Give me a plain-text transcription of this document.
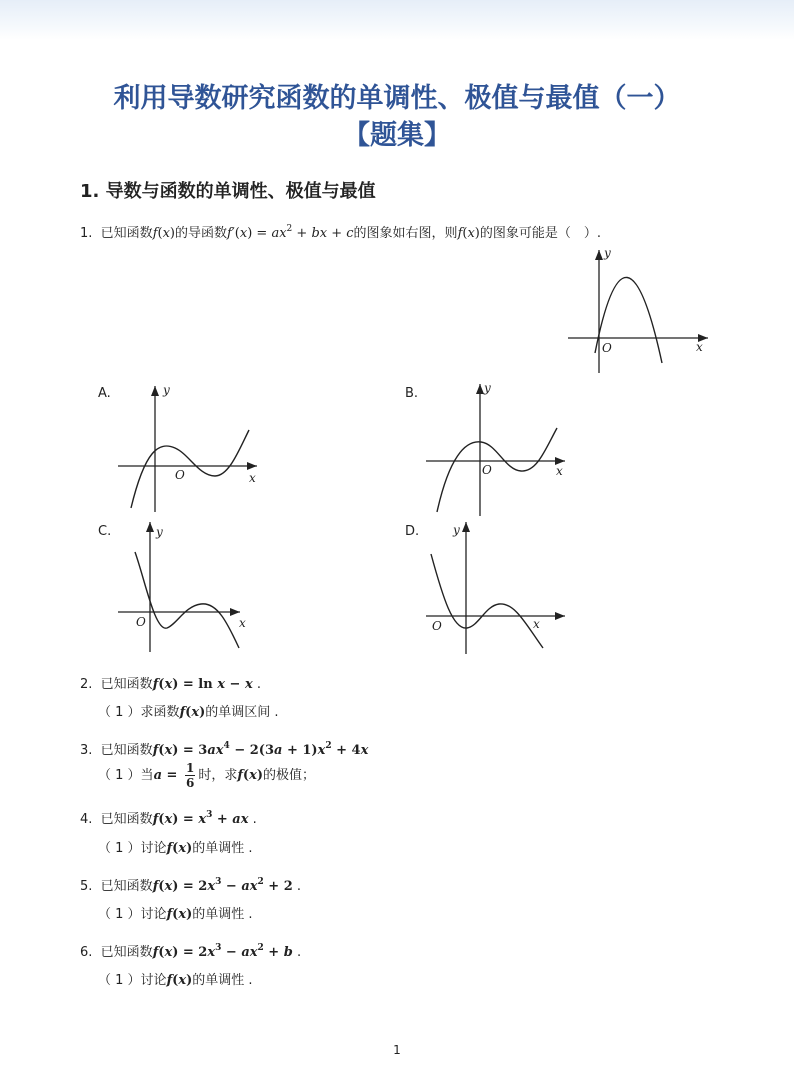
利用导数研究函数的单调性、极值与最值（一）
【题集】
1. 导数与函数的单调性、极值与最值
1. 已知函数f(x)的导函数$f'(x) = ax^2$ + bx + c的图象如右图，则f(x)的图象可能是（　）.
y
x
O
A.	y
x
O
B.	y
x
O
C.	y
x
O
D.	y
x
O
2. 已知函数f(x) = ln x − x .
（ 1 ）求函数f(x)的单调区间 .
3. 已知函数$f(x) = 3ax^4 - 2(3a + 1)x^2 + 4x$
（ 1 ）当$a = \frac{1}{6}$ 时，求f(x)的极值；
4. 已知函数$f(x) = x^3$ + ax .
（ 1 ）讨论f(x)的单调性 .
5. 已知函数$f(x) = 2x^3 - ax^2 + 2$ .
（ 1 ）讨论f(x)的单调性 .
6. 已知函数$f(x) = 2x^3 - ax^2 + b$ .
（ 1 ）讨论f(x)的单调性 .
1
